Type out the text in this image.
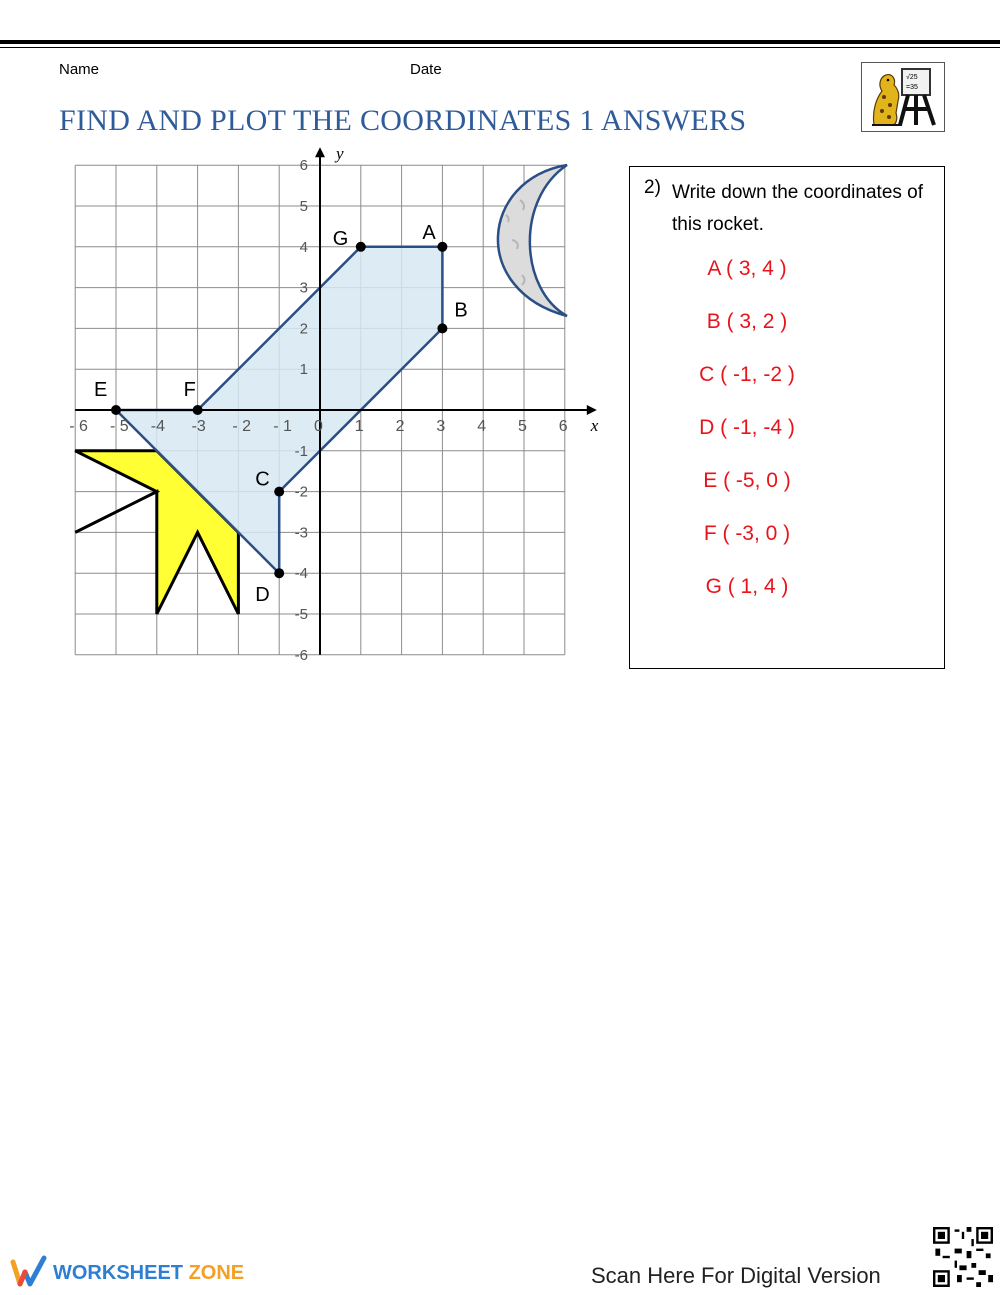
Name	Date
FIND AND PLOT THE COORDINATES 1 ANSWERS
√25
=35
- 6 - 5 -4 -3 - 2 - 1 0 1 2 3 4 5 6
6
5
4
3
2
1
-1
-2
-3
-4
-5
-6
x
y
A
B
C
D
E	F
G
2) Write down the coordinates of this rocket.
A ( 3, 4 )
B ( 3, 2 )
C ( -1, -2 )
D ( -1, -4 )
E ( -5, 0 )
F ( -3, 0 )
G ( 1, 4 )
WORKSHEET ZONE	Scan Here For Digital Version
